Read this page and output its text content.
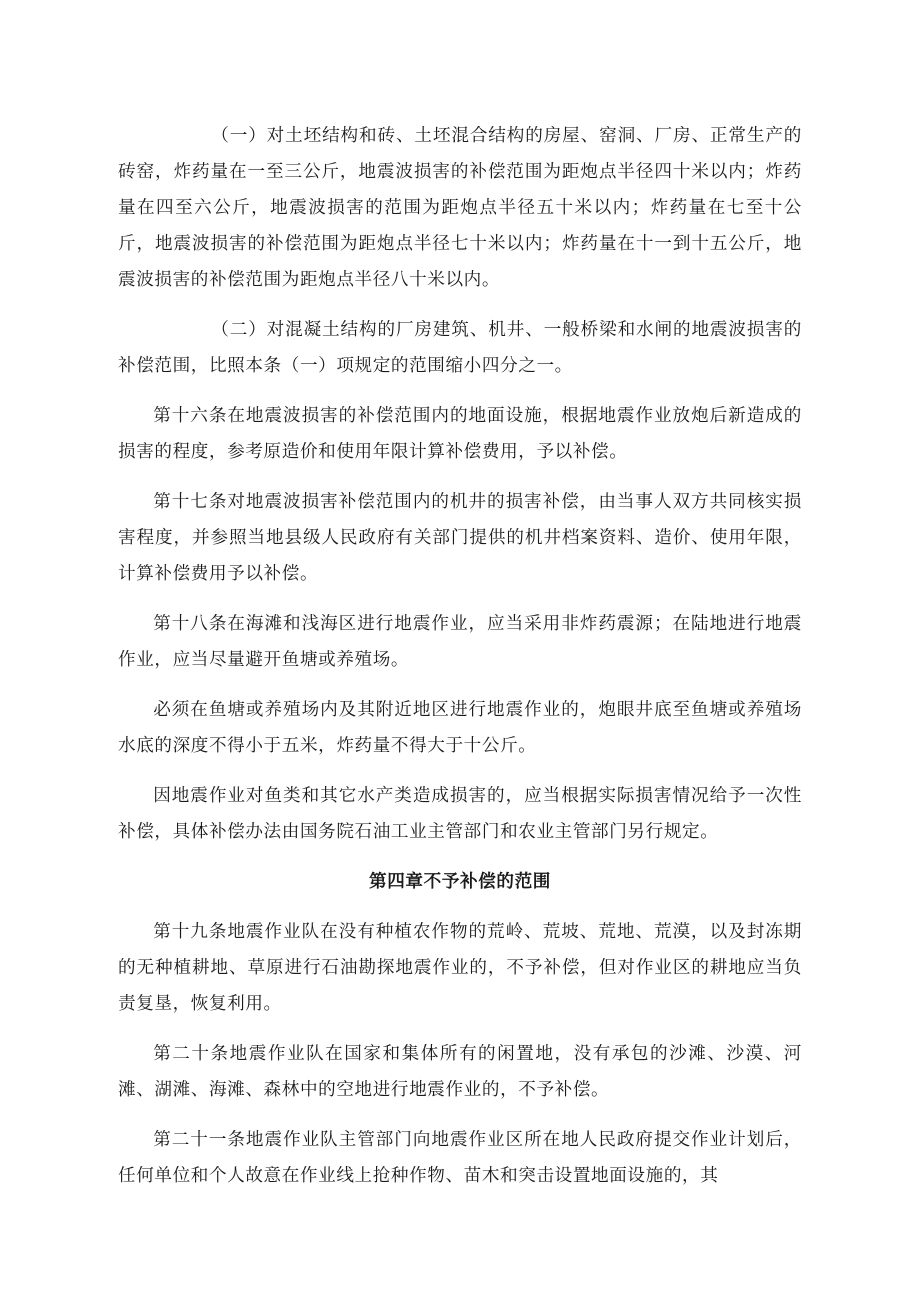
（一）对土坯结构和砖、土坯混合结构的房屋、窑洞、厂房、正常生产的砖窑，炸药量在一至三公斤，地震波损害的补偿范围为距炮点半径四十米以内；炸药量在四至六公斤，地震波损害的范围为距炮点半径五十米以内；炸药量在七至十公斤，地震波损害的补偿范围为距炮点半径七十米以内；炸药量在十一到十五公斤，地震波损害的补偿范围为距炮点半径八十米以内。

（二）对混凝土结构的厂房建筑、机井、一般桥梁和水闸的地震波损害的补偿范围，比照本条（一）项规定的范围缩小四分之一。

第十六条在地震波损害的补偿范围内的地面设施，根据地震作业放炮后新造成的损害的程度，参考原造价和使用年限计算补偿费用，予以补偿。

第十七条对地震波损害补偿范围内的机井的损害补偿，由当事人双方共同核实损害程度，并参照当地县级人民政府有关部门提供的机井档案资料、造价、使用年限，计算补偿费用予以补偿。

第十八条在海滩和浅海区进行地震作业，应当采用非炸药震源；在陆地进行地震作业，应当尽量避开鱼塘或养殖场。

必须在鱼塘或养殖场内及其附近地区进行地震作业的，炮眼井底至鱼塘或养殖场水底的深度不得小于五米，炸药量不得大于十公斤。

因地震作业对鱼类和其它水产类造成损害的，应当根据实际损害情况给予一次性补偿，具体补偿办法由国务院石油工业主管部门和农业主管部门另行规定。

第四章不予补偿的范围

第十九条地震作业队在没有种植农作物的荒岭、荒坡、荒地、荒漠，以及封冻期的无种植耕地、草原进行石油勘探地震作业的，不予补偿，但对作业区的耕地应当负责复垦，恢复利用。

第二十条地震作业队在国家和集体所有的闲置地，没有承包的沙滩、沙漠、河滩、湖滩、海滩、森林中的空地进行地震作业的，不予补偿。

第二十一条地震作业队主管部门向地震作业区所在地人民政府提交作业计划后，任何单位和个人故意在作业线上抢种作物、苗木和突击设置地面设施的，其
